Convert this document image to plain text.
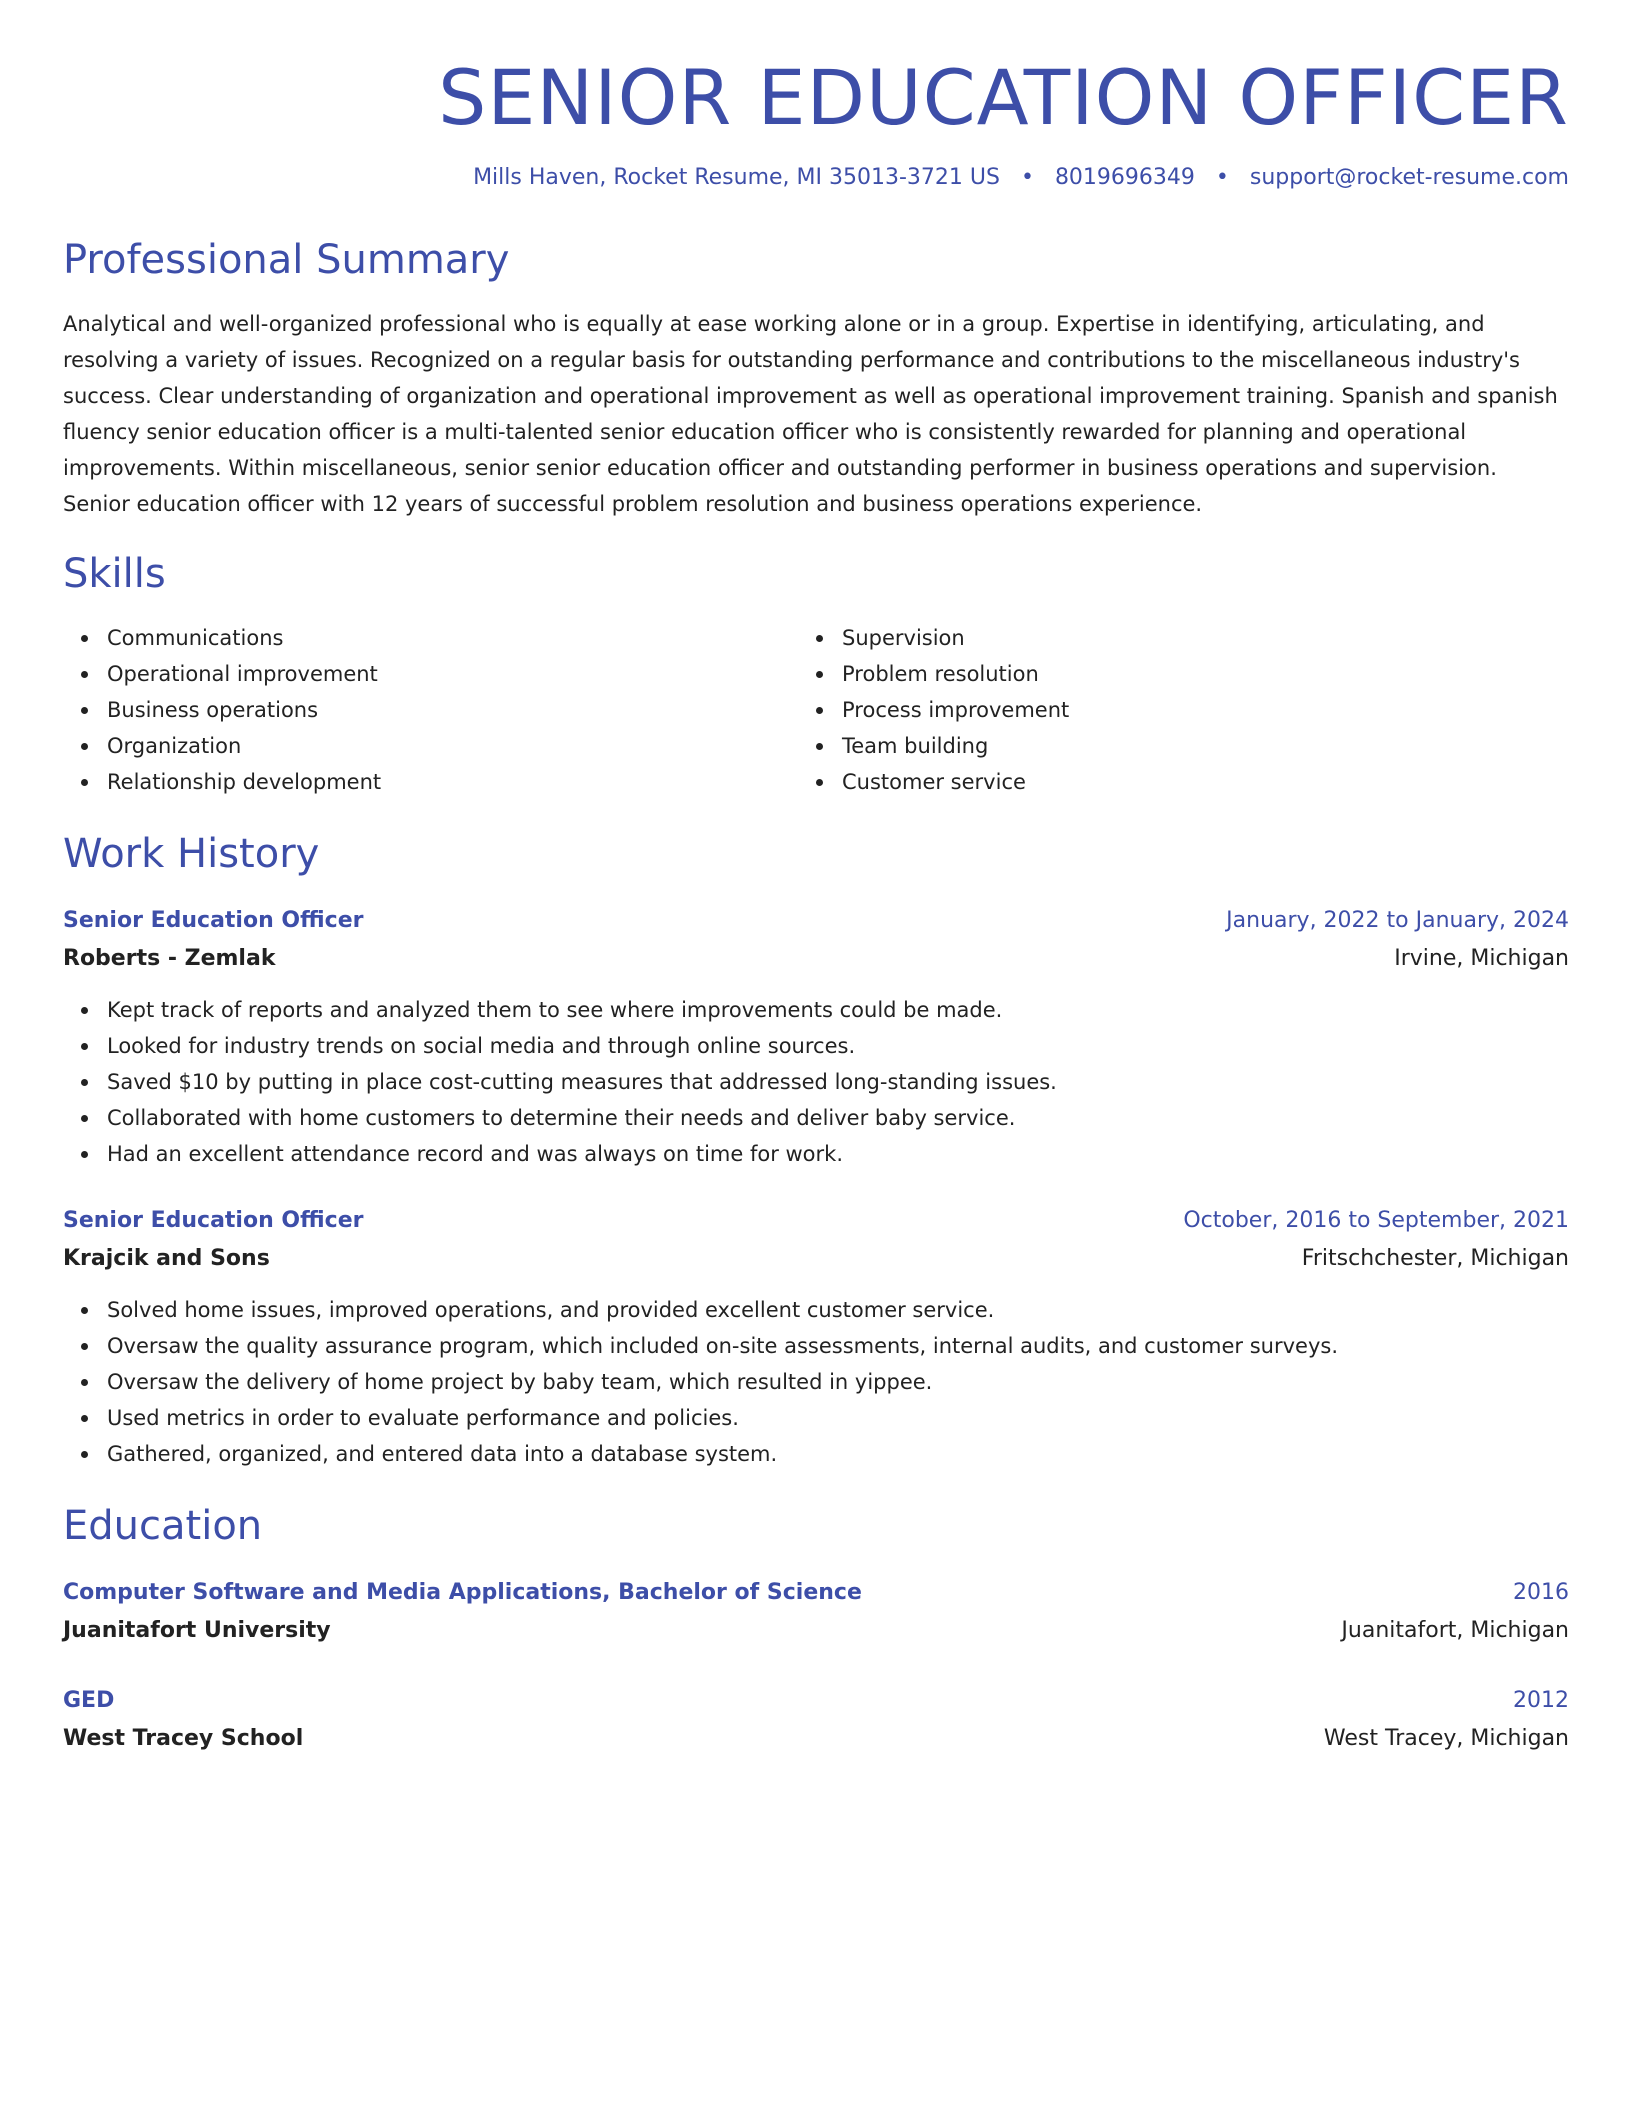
SENIOR EDUCATION OFFICER
Mills Haven, Rocket Resume, MI 35013-3721 US • 8019696349 • support@rocket-resume.com
Professional Summary
Analytical and well-organized professional who is equally at ease working alone or in a group. Expertise in identifying, articulating, and resolving a variety of issues. Recognized on a regular basis for outstanding performance and contributions to the miscellaneous industry's success. Clear understanding of organization and operational improvement as well as operational improvement training. Spanish and spanish fluency senior education officer is a multi-talented senior education officer who is consistently rewarded for planning and operational improvements. Within miscellaneous, senior senior education officer and outstanding performer in business operations and supervision. Senior education officer with 12 years of successful problem resolution and business operations experience.
Skills
Communications
Operational improvement
Business operations
Organization
Relationship development
Supervision
Problem resolution
Process improvement
Team building
Customer service
Work History
Senior Education Officer	January, 2022 to January, 2024
Roberts - Zemlak	Irvine, Michigan
Kept track of reports and analyzed them to see where improvements could be made.
Looked for industry trends on social media and through online sources.
Saved $10 by putting in place cost-cutting measures that addressed long-standing issues.
Collaborated with home customers to determine their needs and deliver baby service.
Had an excellent attendance record and was always on time for work.
Senior Education Officer	October, 2016 to September, 2021
Krajcik and Sons	Fritschchester, Michigan
Solved home issues, improved operations, and provided excellent customer service.
Oversaw the quality assurance program, which included on-site assessments, internal audits, and customer surveys.
Oversaw the delivery of home project by baby team, which resulted in yippee.
Used metrics in order to evaluate performance and policies.
Gathered, organized, and entered data into a database system.
Education
Computer Software and Media Applications, Bachelor of Science	2016
Juanitafort University	Juanitafort, Michigan
GED	2012
West Tracey School	West Tracey, Michigan
